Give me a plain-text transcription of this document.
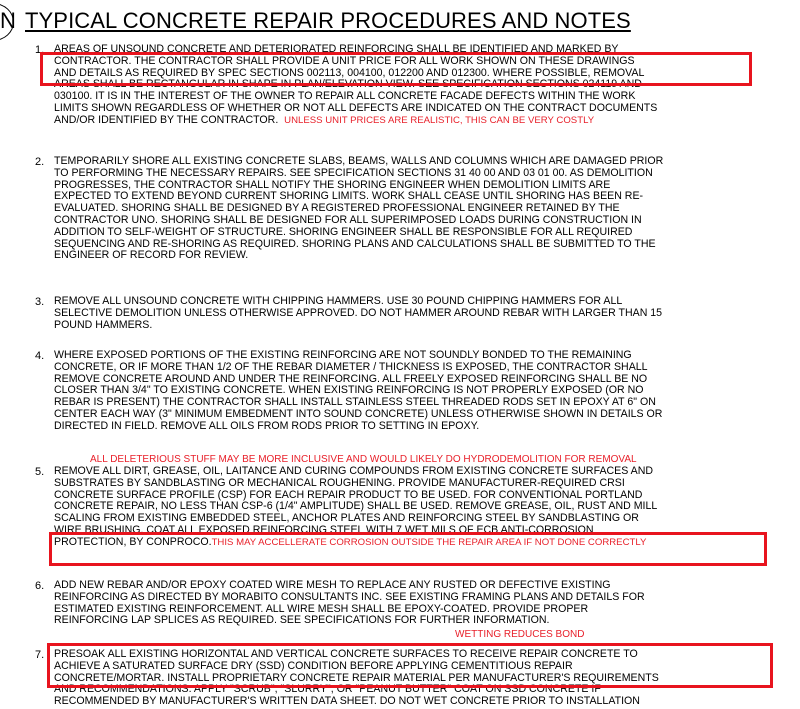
N TYPICAL CONCRETE REPAIR PROCEDURES AND NOTES
1. AREAS OF UNSOUND CONCRETE AND DETERIORATED REINFORCING SHALL BE IDENTIFIED AND MARKED BY
CONTRACTOR. THE CONTRACTOR SHALL PROVIDE A UNIT PRICE FOR ALL WORK SHOWN ON THESE DRAWINGS
AND DETAILS AS REQUIRED BY SPEC SECTIONS 002113, 004100, 012200 AND 012300. WHERE POSSIBLE, REMOVAL
AREAS SHALL BE RECTANGULAR IN SHAPE IN PLAN/ELEVATION VIEW. SEE SPECIFICATION SECTIONS 024119 AND
030100. IT IS IN THE INTEREST OF THE OWNER TO REPAIR ALL CONCRETE FACADE DEFECTS WITHIN THE WORK
LIMITS SHOWN REGARDLESS OF WHETHER OR NOT ALL DEFECTS ARE INDICATED ON THE CONTRACT DOCUMENTS
AND/OR IDENTIFIED BY THE CONTRACTOR. UNLESS UNIT PRICES ARE REALISTIC, THIS CAN BE VERY COSTLY
2. TEMPORARILY SHORE ALL EXISTING CONCRETE SLABS, BEAMS, WALLS AND COLUMNS WHICH ARE DAMAGED PRIOR
TO PERFORMING THE NECESSARY REPAIRS. SEE SPECIFICATION SECTIONS 31 40 00 AND 03 01 00. AS DEMOLITION
PROGRESSES, THE CONTRACTOR SHALL NOTIFY THE SHORING ENGINEER WHEN DEMOLITION LIMITS ARE
EXPECTED TO EXTEND BEYOND CURRENT SHORING LIMITS. WORK SHALL CEASE UNTIL SHORING HAS BEEN RE-
EVALUATED. SHORING SHALL BE DESIGNED BY A REGISTERED PROFESSIONAL ENGINEER RETAINED BY THE
CONTRACTOR UNO. SHORING SHALL BE DESIGNED FOR ALL SUPERIMPOSED LOADS DURING CONSTRUCTION IN
ADDITION TO SELF-WEIGHT OF STRUCTURE. SHORING ENGINEER SHALL BE RESPONSIBLE FOR ALL REQUIRED
SEQUENCING AND RE-SHORING AS REQUIRED. SHORING PLANS AND CALCULATIONS SHALL BE SUBMITTED TO THE
ENGINEER OF RECORD FOR REVIEW.
3. REMOVE ALL UNSOUND CONCRETE WITH CHIPPING HAMMERS. USE 30 POUND CHIPPING HAMMERS FOR ALL
SELECTIVE DEMOLITION UNLESS OTHERWISE APPROVED. DO NOT HAMMER AROUND REBAR WITH LARGER THAN 15
POUND HAMMERS.
4. WHERE EXPOSED PORTIONS OF THE EXISTING REINFORCING ARE NOT SOUNDLY BONDED TO THE REMAINING
CONCRETE, OR IF MORE THAN 1/2 OF THE REBAR DIAMETER / THICKNESS IS EXPOSED, THE CONTRACTOR SHALL
REMOVE CONCRETE AROUND AND UNDER THE REINFORCING. ALL FREELY EXPOSED REINFORCING SHALL BE NO
CLOSER THAN 3/4" TO EXISTING CONCRETE. WHEN EXISTING REINFORCING IS NOT PROPERLY EXPOSED (OR NO
REBAR IS PRESENT) THE CONTRACTOR SHALL INSTALL STAINLESS STEEL THREADED RODS SET IN EPOXY AT 6" ON
CENTER EACH WAY (3" MINIMUM EMBEDMENT INTO SOUND CONCRETE) UNLESS OTHERWISE SHOWN IN DETAILS OR
DIRECTED IN FIELD. REMOVE ALL OILS FROM RODS PRIOR TO SETTING IN EPOXY.
ALL DELETERIOUS STUFF MAY BE MORE INCLUSIVE AND WOULD LIKELY DO HYDRODEMOLITION FOR REMOVAL
5. REMOVE ALL DIRT, GREASE, OIL, LAITANCE AND CURING COMPOUNDS FROM EXISTING CONCRETE SURFACES AND
SUBSTRATES BY SANDBLASTING OR MECHANICAL ROUGHENING. PROVIDE MANUFACTURER-REQUIRED CRSI
CONCRETE SURFACE PROFILE (CSP) FOR EACH REPAIR PRODUCT TO BE USED. FOR CONVENTIONAL PORTLAND
CONCRETE REPAIR, NO LESS THAN CSP-6 (1/4" AMPLITUDE) SHALL BE USED. REMOVE GREASE, OIL, RUST AND MILL
SCALING FROM EXISTING EMBEDDED STEEL, ANCHOR PLATES AND REINFORCING STEEL BY SANDBLASTING OR
WIRE BRUSHING. COAT ALL EXPOSED REINFORCING STEEL WITH 7 WET MILS OF ECB ANTI-CORROSION
PROTECTION, BY CONPROCO.THIS MAY ACCELLERATE CORROSION OUTSIDE THE REPAIR AREA IF NOT DONE CORRECTLY
6. ADD NEW REBAR AND/OR EPOXY COATED WIRE MESH TO REPLACE ANY RUSTED OR DEFECTIVE EXISTING
REINFORCING AS DIRECTED BY MORABITO CONSULTANTS INC. SEE EXISTING FRAMING PLANS AND DETAILS FOR
ESTIMATED EXISTING REINFORCEMENT. ALL WIRE MESH SHALL BE EPOXY-COATED. PROVIDE PROPER
REINFORCING LAP SPLICES AS REQUIRED. SEE SPECIFICATIONS FOR FURTHER INFORMATION.
WETTING REDUCES BOND
7. PRESOAK ALL EXISTING HORIZONTAL AND VERTICAL CONCRETE SURFACES TO RECEIVE REPAIR CONCRETE TO
ACHIEVE A SATURATED SURFACE DRY (SSD) CONDITION BEFORE APPLYING CEMENTITIOUS REPAIR
CONCRETE/MORTAR. INSTALL PROPRIETARY CONCRETE REPAIR MATERIAL PER MANUFACTURER'S REQUIREMENTS
AND RECOMMENDATIONS. APPLY "SCRUB", "SLURRY", OR "PEANUT BUTTER" COAT ON SSD CONCRETE IF
RECOMMENDED BY MANUFACTURER'S WRITTEN DATA SHEET. DO NOT WET CONCRETE PRIOR TO INSTALLATION
